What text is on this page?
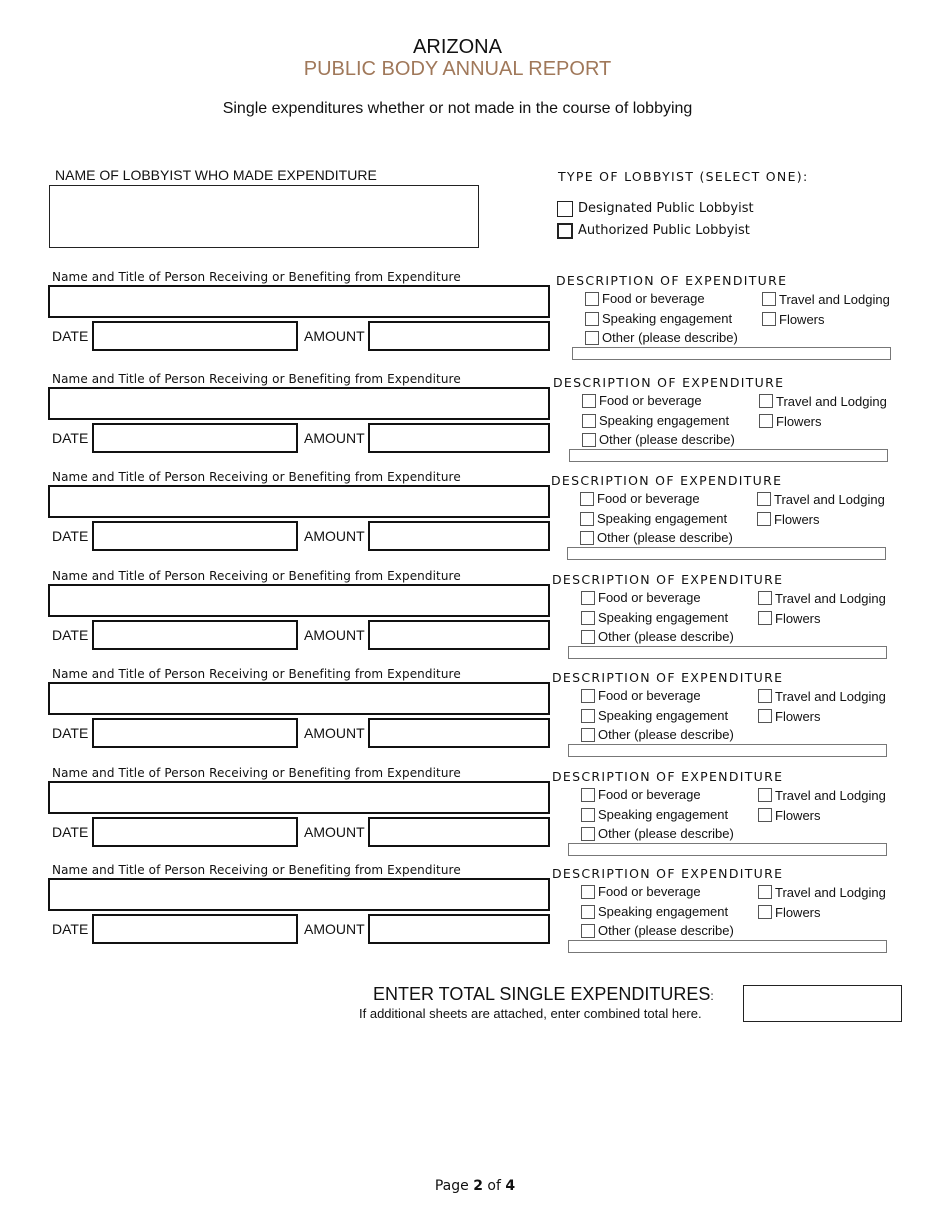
ARIZONA
PUBLIC BODY ANNUAL REPORT
Single expenditures whether or not made in the course of lobbying
NAME OF LOBBYIST WHO MADE EXPENDITURE	TYPE OF LOBBYIST (SELECT ONE):
Designated Public Lobbyist
Authorized Public Lobbyist
Name and Title of Person Receiving or Benefiting from Expenditure
DATE	AMOUNT
DESCRIPTION OF EXPENDITURE
Food or beverage	Travel and Lodging
Speaking engagement	Flowers
Other (please describe)
Name and Title of Person Receiving or Benefiting from Expenditure
DATE	AMOUNT
DESCRIPTION OF EXPENDITURE
Food or beverage	Travel and Lodging
Speaking engagement	Flowers
Other (please describe)
Name and Title of Person Receiving or Benefiting from Expenditure
DATE	AMOUNT
DESCRIPTION OF EXPENDITURE
Food or beverage	Travel and Lodging
Speaking engagement	Flowers
Other (please describe)
Name and Title of Person Receiving or Benefiting from Expenditure
DATE	AMOUNT
DESCRIPTION OF EXPENDITURE
Food or beverage	Travel and Lodging
Speaking engagement	Flowers
Other (please describe)
Name and Title of Person Receiving or Benefiting from Expenditure
DATE	AMOUNT
DESCRIPTION OF EXPENDITURE
Food or beverage	Travel and Lodging
Speaking engagement	Flowers
Other (please describe)
Name and Title of Person Receiving or Benefiting from Expenditure
DATE	AMOUNT
DESCRIPTION OF EXPENDITURE
Food or beverage	Travel and Lodging
Speaking engagement	Flowers
Other (please describe)
Name and Title of Person Receiving or Benefiting from Expenditure
DATE	AMOUNT
DESCRIPTION OF EXPENDITURE
Food or beverage	Travel and Lodging
Speaking engagement	Flowers
Other (please describe)
ENTER TOTAL SINGLE EXPENDITURES:
If additional sheets are attached, enter combined total here.
Page 2 of 4
